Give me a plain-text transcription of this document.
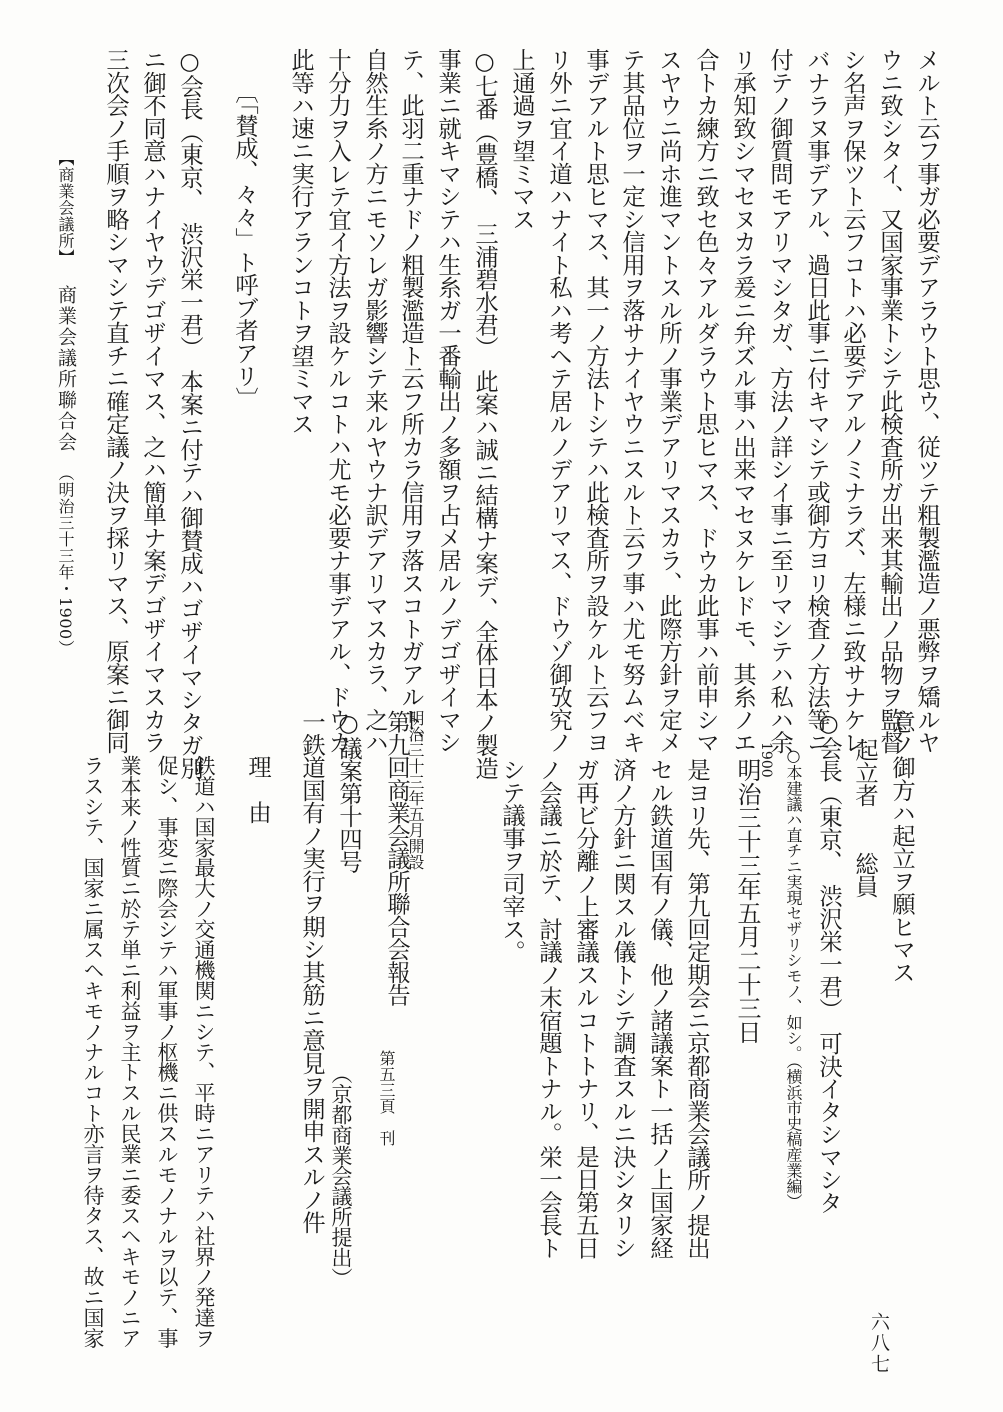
メルト云フ事ガ必要デアラウト思ウ、従ツテ粗製濫造ノ悪弊ヲ矯ルヤ
ウニ致シタイ、又国家事業トシテ此検査所ガ出来其輸出ノ品物ヲ監督
シ名声ヲ保ツト云フコトハ必要デアルノミナラズ、左様ニ致サナケレ
バナラヌ事デアル、過日此事ニ付キマシテ或御方ヨリ検査ノ方法等ニ
付テノ御質問モアリマシタガ、方法ノ詳シイ事ニ至リマシテハ私ハ余
リ承知致シマセヌカラ爰ニ弁ズル事ハ出来マセヌケレドモ、其糸ノエ
合トカ練方ニ致セ色々アルダラウト思ヒマス、ドウカ此事ハ前申シマ
スヤウニ尚ホ進マントスル所ノ事業デアリマスカラ、此際方針ヲ定メ
テ其品位ヲ一定シ信用ヲ落サナイヤウニスルト云フ事ハ尤モ努ムベキ
事デアルト思ヒマス、其一ノ方法トシテハ此検査所ヲ設ケルト云フヨ
リ外ニ宜イ道ハナイト私ハ考ヘテ居ルノデアリマス、ドウゾ御攷究ノ
上通過ヲ望ミマス
○七番（豊橋、　三浦碧水君）　此案ハ誠ニ結構ナ案デ、全体日本ノ製造
事業ニ就キマシテハ生糸ガ一番輸出ノ多額ヲ占メ居ルノデゴザイマシ
テ、此羽二重ナドノ粗製濫造ト云フ所カラ信用ヲ落スコトガアルト、
自然生糸ノ方ニモソレガ影響シテ来ルヤウナ訳デアリマスカラ、之ハ
十分力ヲ入レテ宜イ方法ヲ設ケルコトハ尤モ必要ナ事デアル、ドウカ
此等ハ速ニ実行アランコトヲ望ミマス
〔「賛成、々々」ト呼ブ者アリ〕
○会長（東京、　渋沢栄一君）　本案ニ付テハ御賛成ハゴザイマシタガ別
ニ御不同意ハナイヤウデゴザイマス、之ハ簡単ナ案デゴザイマスカラ
三次会ノ手順ヲ略シマシテ直チニ確定議ノ決ヲ採リマス、原案ニ御同
【商業会議所】
商業会議所聯合会
（明治三十三年・1900）
意ノ御方ハ起立ヲ願ヒマス
起立者　　総員
○会長（東京、　渋沢栄一君）　可決イタシマシタ
○本建議ハ直チニ実現セザリシモノ、如シ。（横浜市史稿産業編）
1900
明治三十三年五月二十三日
是ヨリ先、第九回定期会ニ京都商業会議所ノ提出
セル鉄道国有ノ儀、他ノ諸議案ト一括ノ上国家経
済ノ方針ニ関スル儀トシテ調査スルニ決シタリシ
ガ再ビ分離ノ上審議スルコトトナリ、是日第五日
ノ会議ニ於テ、討議ノ末宿題トナル。栄一会長ト
シテ議事ヲ司宰ス。
明治三十三年五月開設
第九回商業会議所聯合会報告
第五三頁　刊
○議案第十四号
（京都商業会議所提出）
一鉄道国有ノ実行ヲ期シ其筋ニ意見ヲ開申スルノ件
理　由
鉄道ハ国家最大ノ交通機関ニシテ、平時ニアリテハ社界ノ発達ヲ
促シ、事変ニ際会シテハ軍事ノ枢機ニ供スルモノナルヲ以テ、事
業本来ノ性質ニ於テ単ニ利益ヲ主トスル民業ニ委スヘキモノニア
ラスシテ、国家ニ属スヘキモノナルコト亦言ヲ待タス、故ニ国家	六八七
